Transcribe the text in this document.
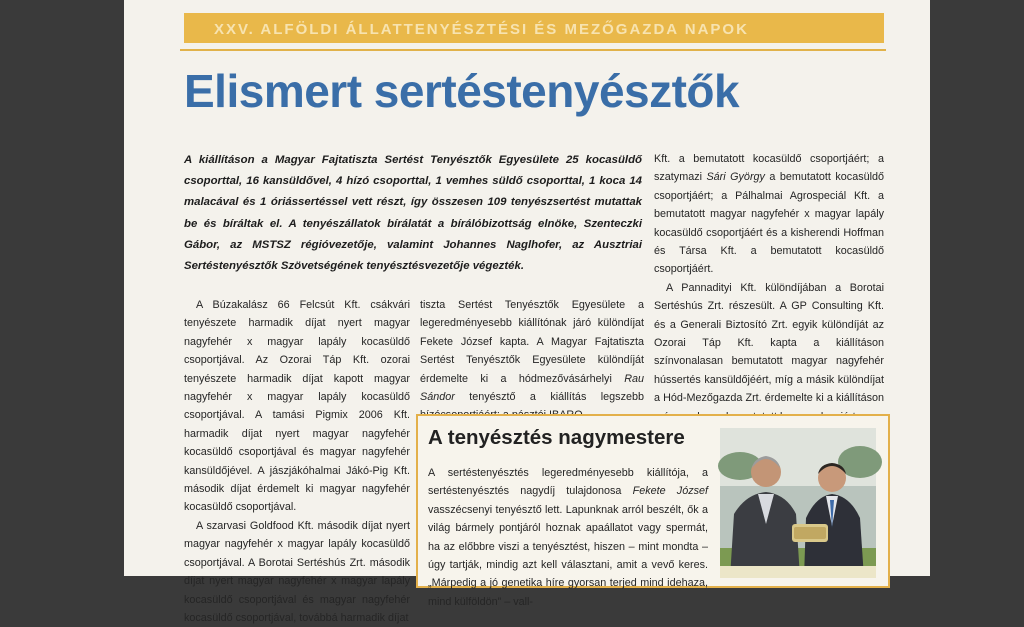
XXV. ALFÖLDI ÁLLATTENYÉSZTÉSI ÉS MEZŐGAZDA NAPOK
Elismert sertéstenyésztők
A kiállításon a Magyar Fajtatiszta Sertést Tenyésztők Egyesülete 25 kocasüldő csoporttal, 16 kansüldővel, 4 hízó csoporttal, 1 vemhes süldő csoporttal, 1 koca 14 malacával és 1 óriássertéssel vett részt, így összesen 109 tenyészsertést mutattak be és bíráltak el. A tenyészállatok bírálatát a bírálóbizottság elnöke, Szenteczki Gábor, az MSTSZ régióvezetője, valamint Johannes Naglhofer, az Ausztriai Sertéstenyésztők Szövetségének tenyésztésvezetője végezték.

A Búzakalász 66 Felcsút Kft. csákvári tenyészete harmadik díjat nyert magyar nagyfehér x magyar lapály kocasüldő csoportjával. Az Ozorai Táp Kft. ozorai tenyészete harmadik díjat kapott magyar nagyfehér x magyar lapály kocasüldő csoportjával. A tamási Pigmix 2006 Kft. harmadik díjat nyert magyar nagyfehér kocasüldő csoportjával és magyar nagyfehér kansüldőjével. A jászjákóhalmai Jákó-Pig Kft. második díjat érdemelt ki magyar nagyfehér kocasüldő csoportjával.

A szarvasi Goldfood Kft. második díjat nyert magyar nagyfehér x magyar lapály kocasüldő csoportjával. A Borotai Sertéshús Zrt. második díjat nyert magyar nagyfehér x magyar lapály kocasüldő csoportjával és magyar nagyfehér kocasüldő csoportjával, továbbá harmadik díjat

tiszta Sertést Tenyésztők Egyesülete a legeredményesebb kiállítónak járó különdíjat Fekete József kapta. A Magyar Fajtatiszta Sertést Tenyésztők Egyesülete különdíját érdemelte ki a hódmezővásárhelyi Rau Sándor tenyésztő a kiállítás legszebb

Kft. a bemutatott kocasüldő csoportjáért; a szatymazi Sári György a bemutatott kocasüldő csoportjáért; a Pálhalmai Agrospeciál Kft. a bemutatott magyar nagyfehér x magyar lapály kocasüldő csoportjáért és a kisherendi Hoffman és Társa Kft. a bemutatott kocasüldő csoportjáért.

A Pannadityi Kft. különdíjában a Borotai Sertéshús Zrt. részesült. A GP Consulting Kft. és a Generali Biztosító Zrt. egyik különdíját az Ozorai Táp Kft. kapta a kiállításon színvonalasan bemutatott magyar nagyfehér hússertés kansüldőjéért, míg a másik különdíjat a Hód-Mezőgazda Zrt. érdemelte ki a kiállításon

A tenyésztés nagymestere
A sertéstenyésztés legeredményesebb kiállítója, a sertéstenyésztés nagydíj tulajdonosa Fekete József vasszécsenyi tenyésztő lett. Lapunknak arról beszélt, ők a világ bármely pontjáról hoznak apaállatot vagy spermát, ha az előbbre viszi a tenyésztést, hiszen – mint mondta – úgy tartják, mindig azt kell választani, amit a vevő keres. „Márpedig a jó genetika híre gyorsan terjed mind idehaza, mind külföldön” – vall-
